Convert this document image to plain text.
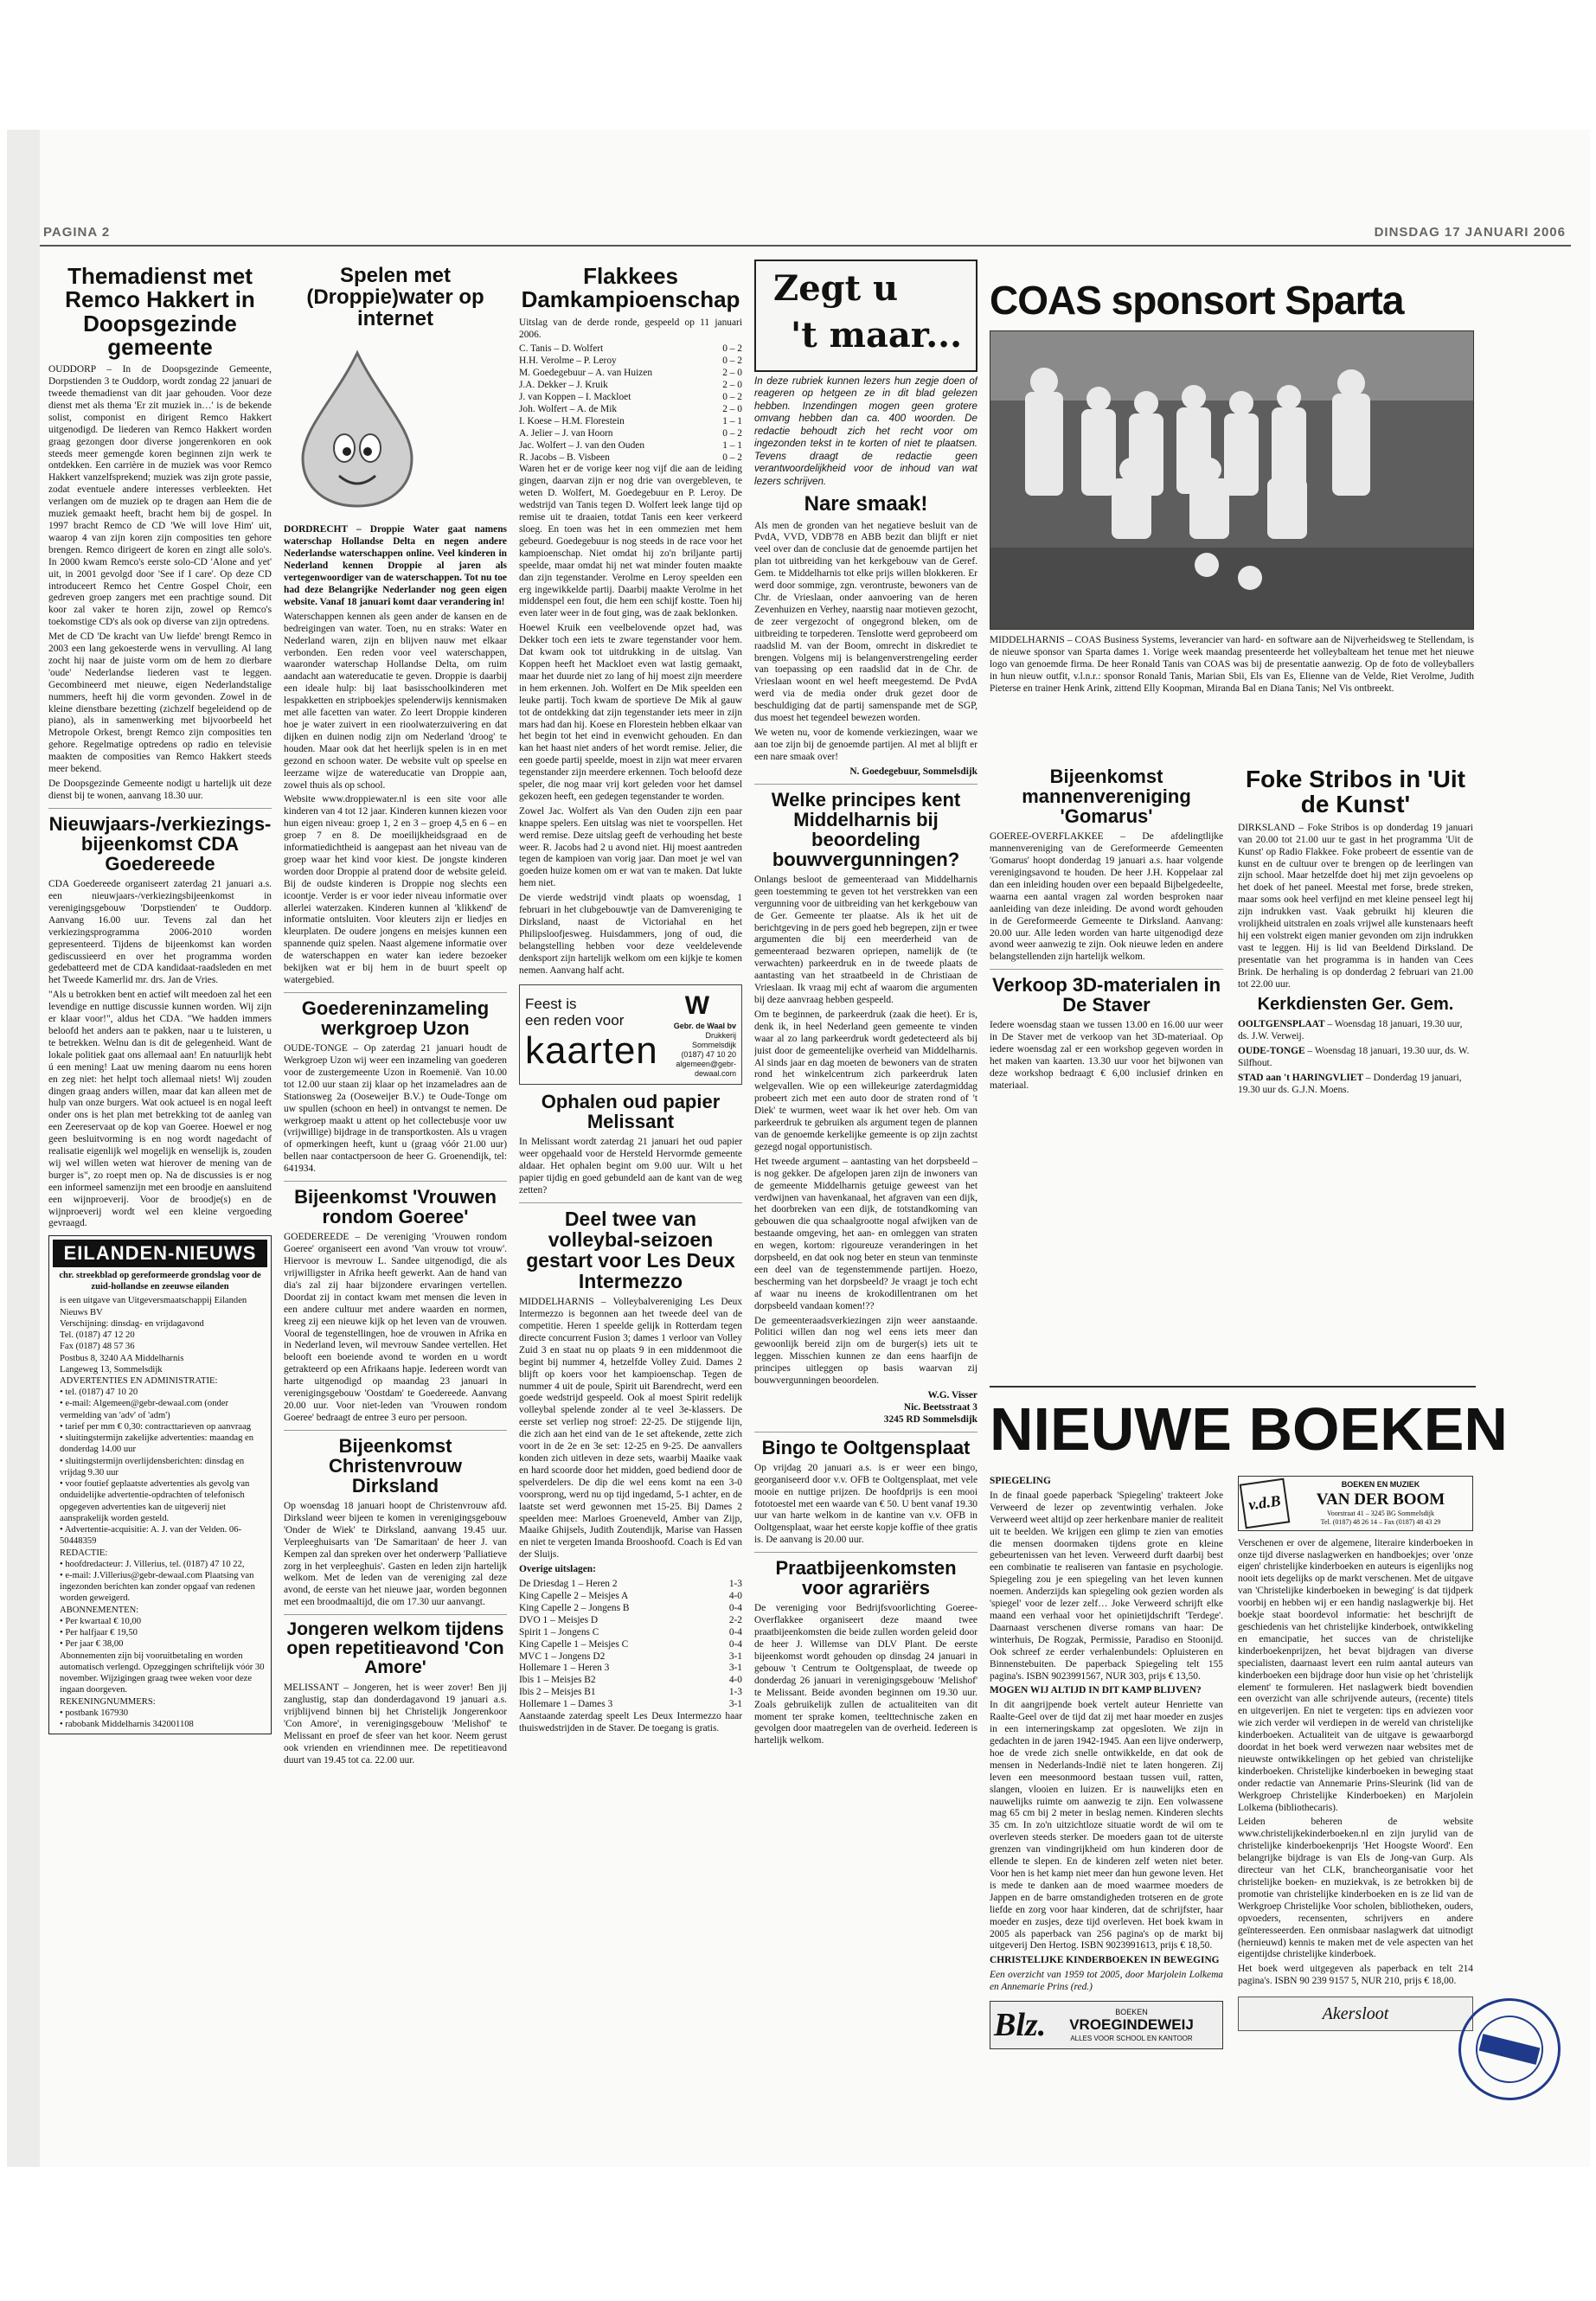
PAGINA 2	DINSDAG 17 JANUARI 2006
Themadienst met Remco Hakkert in Doopsgezinde gemeente

OUDDORP – In de Doopsgezinde Gemeente, Dorpstienden 3 te Ouddorp, wordt zondag 22 januari de tweede themadienst van dit jaar gehouden. Voor deze dienst met als thema 'Er zit muziek in…' is de bekende solist, componist en dirigent Remco Hakkert uitgenodigd. De liederen van Remco Hakkert worden graag gezongen door diverse jongerenkoren en ook steeds meer gemengde koren beginnen zijn werk te ontdekken. Een carrière in de muziek was voor Remco Hakkert vanzelfsprekend; muziek was zijn grote passie, zodat eventuele andere interesses verbleekten. Het verlangen om de muziek op te dragen aan Hem die de muziek gemaakt heeft, bracht hem bij de gospel. In 1997 bracht Remco de CD 'We will love Him' uit, waarop 4 van zijn koren zijn composities ten gehore brengen. Remco dirigeert de koren en zingt alle solo's. In 2000 kwam Remco's eerste solo-CD 'Alone and yet' uit, in 2001 gevolgd door 'See if I care'. Op deze CD introduceert Remco het Centre Gospel Choir, een gedreven groep zangers met een prachtige sound. Dit koor zal vaker te horen zijn, zowel op Remco's toekomstige CD's als ook op diverse van zijn optredens.

Met de CD 'De kracht van Uw liefde' brengt Remco in 2003 een lang gekoesterde wens in vervulling. Al lang zocht hij naar de juiste vorm om de hem zo dierbare 'oude' Nederlandse liederen vast te leggen. Gecombineerd met nieuwe, eigen Nederlandstalige nummers, heeft hij die vorm gevonden. Zowel in de kleine dienstbare bezetting (zichzelf begeleidend op de piano), als in samenwerking met bijvoorbeeld het Metropole Orkest, brengt Remco zijn composities ten gehore. Regelmatige optredens op radio en televisie maakten de composities van Remco Hakkert steeds meer bekend.

De Doopsgezinde Gemeente nodigt u hartelijk uit deze dienst bij te wonen, aanvang 18.30 uur.

Nieuwjaars-/verkiezings-bijeenkomst CDA Goedereede

CDA Goedereede organiseert zaterdag 21 januari a.s. een nieuwjaars-/verkiezingsbijeenkomst in verenigingsgebouw 'Dorpstienden' te Ouddorp. Aanvang 16.00 uur. Tevens zal dan het verkiezingsprogramma 2006-2010 worden gepresenteerd. Tijdens de bijeenkomst kan worden gediscussieerd en over het programma worden gedebatteerd met de CDA kandidaat-raadsleden en met het Tweede Kamerlid mr. drs. Jan de Vries.

"Als u betrokken bent en actief wilt meedoen zal het een levendige en nuttige discussie kunnen worden. Wij zijn er klaar voor!", aldus het CDA. "We hadden immers beloofd het anders aan te pakken, naar u te luisteren, u te betrekken. Welnu dan is dit de gelegenheid. Want de lokale politiek gaat ons allemaal aan! En natuurlijk hebt ú een mening! Laat uw mening daarom nu eens horen en zeg niet: het helpt toch allemaal niets! Wij zouden dingen graag anders willen, maar dat kan alleen met de hulp van onze burgers. Wat ook actueel is en nogal leeft onder ons is het plan met betrekking tot de aanleg van een Zeereservaat op de kop van Goeree. Hoewel er nog geen besluitvorming is en nog wordt nagedacht of realisatie eigenlijk wel mogelijk en wenselijk is, zouden wij wel willen weten wat hierover de mening van de burger is", zo roept men op. Na de discussies is er nog een informeel samenzijn met een broodje en aansluitend een wijnproeverij. Voor de broodje(s) en de wijnproeverij wordt wel een kleine vergoeding gevraagd.

EILANDEN-NIEUWS
chr. streekblad op gereformeerde grondslag voor de zuid-hollandse en zeeuwse eilanden
is een uitgave van Uitgeversmaatschappij Eilanden Nieuws BV
Verschijning: dinsdag- en vrijdagavond
Tel. (0187) 47 12 20
Fax (0187) 48 57 36
Postbus 8, 3240 AA Middelharnis
Langeweg 13, Sommelsdijk
ADVERTENTIES EN ADMINISTRATIE:
• tel. (0187) 47 10 20
• e-mail: Algemeen@gebr-dewaal.com (onder vermelding van 'adv' of 'adm')
• tarief per mm € 0,30: contracttarieven op aanvraag
• sluitingstermijn zakelijke advertenties: maandag en donderdag 14.00 uur
• sluitingstermijn overlijdensberichten: dinsdag en vrijdag 9.30 uur
• voor foutief geplaatste advertenties als gevolg van onduidelijke advertentie-opdrachten of telefonisch opgegeven advertenties kan de uitgeverij niet aansprakelijk worden gesteld.
• Advertentie-acquisitie: A. J. van der Velden. 06-50448359
REDACTIE:
• hoofdredacteur: J. Villerius, tel. (0187) 47 10 22,
• e-mail: J.Villerius@gebr-dewaal.com Plaatsing van ingezonden berichten kan zonder opgaaf van redenen worden geweigerd.
ABONNEMENTEN:
• Per kwartaal € 10,00
• Per halfjaar € 19,50
• Per jaar € 38,00
Abonnementen zijn bij vooruitbetaling en worden automatisch verlengd. Opzeggingen schriftelijk vóór 30 november. Wijzigingen graag twee weken voor deze ingaan doorgeven.
REKENINGNUMMERS:
• postbank 167930
• rabobank Middelharnis 342001108
Spelen met (Droppie)water op internet

DORDRECHT – Droppie Water gaat namens waterschap Hollandse Delta en negen andere Nederlandse waterschappen online. Veel kinderen in Nederland kennen Droppie al jaren als vertegenwoordiger van de waterschappen. Tot nu toe had deze Belangrijke Nederlander nog geen eigen website. Vanaf 18 januari komt daar verandering in!

Waterschappen kennen als geen ander de kansen en de bedreigingen van water. Toen, nu en straks: Water en Nederland waren, zijn en blijven nauw met elkaar verbonden. Een reden voor veel waterschappen, waaronder waterschap Hollandse Delta, om ruim aandacht aan watereducatie te geven. Droppie is daarbij een ideale hulp: bij laat basisschoolkinderen met lespakketten en stripboekjes spelenderwijs kennismaken met alle facetten van water. Zo leert Droppie kinderen hoe je water zuivert in een rioolwaterzuivering en dat dijken en duinen nodig zijn om Nederland 'droog' te houden. Maar ook dat het heerlijk spelen is in en met gezond en schoon water. De website vult op speelse en leerzame wijze de watereducatie van Droppie aan, zowel thuis als op school.

Website www.droppiewater.nl is een site voor alle kinderen van 4 tot 12 jaar. Kinderen kunnen kiezen voor hun eigen niveau: groep 1, 2 en 3 – groep 4,5 en 6 – en groep 7 en 8. De moeilijkheidsgraad en de informatiedichtheid is aangepast aan het niveau van de groep waar het kind voor kiest. De jongste kinderen worden door Droppie al pratend door de website geleid. Bij de oudste kinderen is Droppie nog slechts een icoontje. Verder is er voor ieder niveau informatie over allerlei waterzaken. Kinderen kunnen al 'klikkend' de informatie ontsluiten. Voor kleuters zijn er liedjes en kleurplaten. De oudere jongens en meisjes kunnen een spannende quiz spelen. Naast algemene informatie over de waterschappen en water kan iedere bezoeker bekijken wat er bij hem in de buurt speelt op watergebied.

Goedereninzameling werkgroep Uzon

OUDE-TONGE – Op zaterdag 21 januari houdt de Werkgroep Uzon wij weer een inzameling van goederen voor de zustergemeente Uzon in Roemenië. Van 10.00 tot 12.00 uur staan zij klaar op het inzameladres aan de Stationsweg 2a (Ooseweijer B.V.) te Oude-Tonge om uw spullen (schoon en heel) in ontvangst te nemen. De werkgroep maakt u attent op het collectebusje voor uw (vrijwillige) bijdrage in de transportkosten. Als u vragen of opmerkingen heeft, kunt u (graag vóór 21.00 uur) bellen naar contactpersoon de heer G. Groenendijk, tel: 641934.

Bijeenkomst 'Vrouwen rondom Goeree'

GOEDEREEDE – De vereniging 'Vrouwen rondom Goeree' organiseert een avond 'Van vrouw tot vrouw'. Hiervoor is mevrouw L. Sandee uitgenodigd, die als vrijwilligster in Afrika heeft gewerkt. Aan de hand van dia's zal zij haar bijzondere ervaringen vertellen. Doordat zij in contact kwam met mensen die leven in een andere cultuur met andere waarden en normen, kreeg zij een nieuwe kijk op het leven van de vrouwen. Vooral de tegenstellingen, hoe de vrouwen in Afrika en in Nederland leven, wil mevrouw Sandee vertellen. Het belooft een boeiende avond te worden en u wordt getrakteerd op een Afrikaans hapje. Iedereen wordt van harte uitgenodigd op maandag 23 januari in verenigingsgebouw 'Oostdam' te Goedereede. Aanvang 20.00 uur. Voor niet-leden van 'Vrouwen rondom Goeree' bedraagt de entree 3 euro per persoon.

Bijeenkomst Christenvrouw Dirksland

Op woensdag 18 januari hoopt de Christenvrouw afd. Dirksland weer bijeen te komen in verenigingsgebouw 'Onder de Wiek' te Dirksland, aanvang 19.45 uur. Verpleeghuisarts van 'De Samaritaan' de heer J. van Kempen zal dan spreken over het onderwerp 'Palliatieve zorg in het verpleeghuis'. Gasten en leden zijn hartelijk welkom. Met de leden van de vereniging zal deze avond, de eerste van het nieuwe jaar, worden begonnen met een broodmaaltijd, die om 17.30 uur aanvangt.

Jongeren welkom tijdens open repetitieavond 'Con Amore'

MELISSANT – Jongeren, het is weer zover! Ben jij zanglustig, stap dan donderdagavond 19 januari a.s. vrijblijvend binnen bij het Christelijk Jongerenkoor 'Con Amore', in verenigingsgebouw 'Melishof' te Melissant en proef de sfeer van het koor. Neem gerust ook vrienden en vriendinnen mee. De repetitieavond duurt van 19.45 tot ca. 22.00 uur.

Flakkees Damkampioenschap

Uitslag van de derde ronde, gespeeld op 11 januari 2006.

C. Tanis – D. Wolfert	0 – 2
H.H. Verolme – P. Leroy	0 – 2
M. Goedegebuur – A. van Huizen	2 – 0
J.A. Dekker – J. Kruik	2 – 0
J. van Koppen – I. Mackloet	0 – 2
Joh. Wolfert – A. de Mik	2 – 0
I. Koese – H.M. Florestein	1 – 1
A. Jelier – J. van Hoorn	0 – 2
Jac. Wolfert – J. van den Ouden	1 – 1
R. Jacobs – B. Visbeen	0 – 2

Waren het er de vorige keer nog vijf die aan de leiding gingen, daarvan zijn er nog drie van overgebleven, te weten D. Wolfert, M. Goedegebuur en P. Leroy. De wedstrijd van Tanis tegen D. Wolfert leek lange tijd op remise uit te draaien, totdat Tanis een keer verkeerd sloeg. En toen was het in een ommezien met hem gebeurd. Goedegebuur is nog steeds in de race voor het kampioenschap. Niet omdat hij zo'n briljante partij speelde, maar omdat hij net wat minder fouten maakte dan zijn tegenstander. Verolme en Leroy speelden een erg ingewikkelde partij. Daarbij maakte Verolme in het middenspel een fout, die hem een schijf kostte. Toen hij even later weer in de fout ging, was de zaak beklonken.

Hoewel Kruik een veelbelovende opzet had, was Dekker toch een iets te zware tegenstander voor hem. Dat kwam ook tot uitdrukking in de uitslag. Van Koppen heeft het Mackloet even wat lastig gemaakt, maar het duurde niet zo lang of hij moest zijn meerdere in hem erkennen. Joh. Wolfert en De Mik speelden een leuke partij. Toch kwam de sportieve De Mik al gauw tot de ontdekking dat zijn tegenstander iets meer in zijn mars had dan hij. Koese en Florestein hebben elkaar van het begin tot het eind in evenwicht gehouden. En dan kan het haast niet anders of het wordt remise. Jelier, die een goede partij speelde, moest in zijn wat meer ervaren tegenstander zijn meerdere erkennen. Toch beloofd deze speler, die nog maar vrij kort geleden voor het damsel gekozen heeft, een gedegen tegenstander te worden.

Zowel Jac. Wolfert als Van den Ouden zijn een paar knappe spelers. Een uitslag was niet te voorspellen. Het werd remise. Deze uitslag geeft de verhouding het beste weer. R. Jacobs had 2 u avond niet. Hij moest aantreden tegen de kampioen van vorig jaar. Dan moet je wel van goeden huize komen om er wat van te maken. Dat lukte hem niet.

De vierde wedstrijd vindt plaats op woensdag, 1 februari in het clubgebouwtje van de Damvereniging te Dirksland, naast de Victoriahal en het Philipsloofjesweg. Huisdammers, jong of oud, die belangstelling hebben voor deze veeldelevende denksport zijn hartelijk welkom om een kijkje te komen nemen. Aanvang half acht.

Feest is
een reden voor
kaarten
W
Gebr. de Waal bv
Drukkerij
Sommelsdijk
(0187) 47 10 20
algemeen@gebr-dewaal.com
Ophalen oud papier Melissant

In Melissant wordt zaterdag 21 januari het oud papier weer opgehaald voor de Hersteld Hervormde gemeente aldaar. Het ophalen begint om 9.00 uur. Wilt u het papier tijdig en goed gebundeld aan de kant van de weg zetten?

Deel twee van volleybal-seizoen gestart voor Les Deux Intermezzo

MIDDELHARNIS – Volleybalvereniging Les Deux Intermezzo is begonnen aan het tweede deel van de competitie. Heren 1 speelde gelijk in Rotterdam tegen directe concurrent Fusion 3; dames 1 verloor van Volley Zuid 3 en staat nu op plaats 9 in een middenmoot die begint bij nummer 4, hetzelfde Volley Zuid. Dames 2 blijft op koers voor het kampioenschap. Tegen de nummer 4 uit de poule, Spirit uit Barendrecht, werd een goede wedstrijd gespeeld. Ook al moest Spirit redelijk volleybal spelende zonder al te veel 3e-klassers. De eerste set verliep nog stroef: 22-25. De stijgende lijn, die zich aan het eind van de 1e set aftekende, zette zich voort in de 2e en 3e set: 12-25 en 9-25. De aanvallers konden zich uitleven in deze sets, waarbij Maaike vaak en hard scoorde door het midden, goed bediend door de spelverdelers. De dip die wel eens komt na een 3-0 voorsprong, werd nu op tijd ingedamd, 5-1 achter, en de laatste set werd gewonnen met 15-25. Bij Dames 2 speelden mee: Marloes Groeneveld, Amber van Zijp, Maaike Ghijsels, Judith Zoutendijk, Marise van Hassen en niet te vergeten Imanda Brooshoofd. Coach is Ed van der Sluijs.

Overige uitslagen:

De Driesdag 1 – Heren 2	1-3
King Capelle 2 – Meisjes A	4-0
King Capelle 2 – Jongens B	0-4
DVO 1 – Meisjes D	2-2
Spirit 1 – Jongens C	0-4
King Capelle 1 – Meisjes C	0-4
MVC 1 – Jongens D2	3-1
Hollemare 1 – Heren 3	3-1
Ibis 1 – Meisjes B2	4-0
Ibis 2 – Meisjes B1	1-3
Hollemare 1 – Dames 3	3-1

Aanstaande zaterdag speelt Les Deux Intermezzo haar thuiswedstrijden in de Staver. De toegang is gratis.

Zegt u
't maar...

In deze rubriek kunnen lezers hun zegje doen of reageren op hetgeen ze in dit blad gelezen hebben. Inzendingen mogen geen grotere omvang hebben dan ca. 400 woorden. De redactie behoudt zich het recht voor om ingezonden tekst in te korten of niet te plaatsen. Tevens draagt de redactie geen verantwoordelijkheid voor de inhoud van wat lezers schrijven.

Nare smaak!

Als men de gronden van het negatieve besluit van de PvdA, VVD, VDB'78 en ABB bezit dan blijft er niet veel over dan de conclusie dat de genoemde partijen het plan tot uitbreiding van het kerkgebouw van de Geref. Gem. te Middelharnis tot elke prijs willen blokkeren. Er werd door sommige, zgn. verontruste, bewoners van de Chr. de Vrieslaan, onder aanvoering van de heren Zevenhuizen en Verhey, naarstig naar motieven gezocht, de zeer vergezocht of ongegrond bleken, om de uitbreiding te torpederen. Tenslotte werd geprobeerd om raadslid M. van der Boom, omrecht in diskrediet te brengen. Volgens mij is belangenverstrengeling eerder van toepassing op een raadslid dat in de Chr. de Vrieslaan woont en wel heeft meegestemd. De PvdA werd via de media onder druk gezet door de beschuldiging dat de partij samenspande met de SGP, dus moest het tegendeel bewezen worden.

We weten nu, voor de komende verkiezingen, waar we aan toe zijn bij de genoemde partijen. Al met al blijft er een nare smaak over!

N. Goedegebuur, Sommelsdijk

Welke principes kent Middelharnis bij beoordeling bouwvergunningen?

Onlangs besloot de gemeenteraad van Middelharnis geen toestemming te geven tot het verstrekken van een vergunning voor de uitbreiding van het kerkgebouw van de Ger. Gemeente ter plaatse. Als ik het uit de berichtgeving in de pers goed heb begrepen, zijn er twee argumenten die bij een meerderheid van de gemeenteraad bezwaren opriepen, namelijk de (te verwachten) parkeerdruk en in de tweede plaats de aantasting van het straatbeeld in de Christiaan de Vrieslaan. Ik vraag mij echt af waarom die argumenten bij deze aanvraag hebben gespeeld.

Om te beginnen, de parkeerdruk (zaak die heet). Er is, denk ik, in heel Nederland geen gemeente te vinden waar al zo lang parkeerdruk wordt gedetecteerd als bij juist door de gemeentelijke overheid van Middelharnis. Al sinds jaar en dag moeten de bewoners van de straten rond het winkelcentrum zich parkeerdruk laten welgevallen. Wie op een willekeurige zaterdagmiddag probeert zich met een auto door de straten rond of 't Diek' te wurmen, weet waar ik het over heb. Om van parkeerdruk te gebruiken als argument tegen de plannen van de genoemde kerkelijke gemeente is op zijn zachtst gezegd nogal opportunistisch.

Het tweede argument – aantasting van het dorpsbeeld – is nog gekker. De afgelopen jaren zijn de inwoners van de gemeente Middelharnis getuige geweest van het verdwijnen van havenkanaal, het afgraven van een dijk, het doorbreken van een dijk, de totstandkoming van gebouwen die qua schaalgrootte nogal afwijken van de bestaande omgeving, het aan- en omleggen van straten en wegen, kortom: rigoureuze veranderingen in het dorpsbeeld, en dat ook nog beter en steun van tenminste een deel van de tegenstemmende partijen. Hoezo, bescherming van het dorpsbeeld? Je vraagt je toch echt af waar nu ineens de krokodillentranen om het dorpsbeeld vandaan komen!??

De gemeenteraadsverkiezingen zijn weer aanstaande. Politici willen dan nog wel eens iets meer dan gewoonlijk bereid zijn om de burger(s) iets uit te leggen. Misschien kunnen ze dan eens haarfijn de principes uitleggen op basis waarvan zij bouwvergunningen beoordelen.

W.G. Visser

Nic. Beetsstraat 3

3245 RD Sommelsdijk

Bingo te Ooltgensplaat

Op vrijdag 20 januari a.s. is er weer een bingo, georganiseerd door v.v. OFB te Ooltgensplaat, met vele mooie en nuttige prijzen. De hoofdprijs is een mooi fototoestel met een waarde van € 50. U bent vanaf 19.30 uur van harte welkom in de kantine van v.v. OFB in Ooltgensplaat, waar het eerste kopje koffie of thee gratis is. De aanvang is 20.00 uur.

Praatbijeenkomsten voor agrariërs

De vereniging voor Bedrijfsvoorlichting Goeree-Overflakkee organiseert deze maand twee praatbijeenkomsten die beide zullen worden geleid door de heer J. Willemse van DLV Plant. De eerste bijeenkomst wordt gehouden op dinsdag 24 januari in gebouw 't Centrum te Ooltgensplaat, de tweede op donderdag 26 januari in verenigingsgebouw 'Melishof' te Melissant. Beide avonden beginnen om 19.30 uur. Zoals gebruikelijk zullen de actualiteiten van dit moment ter sprake komen, teelttechnische zaken en gevolgen door maatregelen van de overheid. Iedereen is hartelijk welkom.

COAS sponsort Sparta
MIDDELHARNIS – COAS Business Systems, leverancier van hard- en software aan de Nijverheidsweg te Stellendam, is de nieuwe sponsor van Sparta dames 1. Vorige week maandag presenteerde het volleybalteam het tenue met het nieuwe logo van genoemde firma. De heer Ronald Tanis van COAS was bij de presentatie aanwezig. Op de foto de volleyballers in hun nieuw outfit, v.l.n.r.: sponsor Ronald Tanis, Marian Sbii, Els van Es, Elienne van de Velde, Riet Verolme, Judith Pieterse en trainer Henk Arink, zittend Elly Koopman, Miranda Bal en Diana Tanis; Nel Vis ontbreekt.
Bijeenkomst mannenvereniging 'Gomarus'

GOEREE-OVERFLAKKEE – De afdelingtlijke mannenvereniging van de Gereformeerde Gemeenten 'Gomarus' hoopt donderdag 19 januari a.s. haar volgende verenigingsavond te houden. De heer J.H. Koppelaar zal dan een inleiding houden over een bepaald Bijbelgedeelte, waarna een aantal vragen zal worden besproken naar aanleiding van deze inleiding. De avond wordt gehouden in de Gereformeerde Gemeente te Dirksland. Aanvang: 20.00 uur. Alle leden worden van harte uitgenodigd deze avond weer aanwezig te zijn. Ook nieuwe leden en andere belangstellenden zijn hartelijk welkom.

Verkoop 3D-materialen in De Staver

Iedere woensdag staan we tussen 13.00 en 16.00 uur weer in De Staver met de verkoop van het 3D-materiaal. Op iedere woensdag zal er een workshop gegeven worden in het maken van kaarten. 13.30 uur voor het bijwonen van deze workshop bedraagt € 6,00 inclusief drinken en materiaal.

Foke Stribos in 'Uit de Kunst'

DIRKSLAND – Foke Stribos is op donderdag 19 januari van 20.00 tot 21.00 uur te gast in het programma 'Uit de Kunst' op Radio Flakkee. Foke probeert de essentie van de kunst en de cultuur over te brengen op de leerlingen van zijn school. Maar hetzelfde doet hij met zijn gevoelens op het doek of het paneel. Meestal met forse, brede streken, maar soms ook heel verfijnd en met kleine penseel legt hij zijn indrukken vast. Vaak gebruikt hij kleuren die vrolijkheid uitstralen en zoals vrijwel alle kunstenaars heeft hij een volstrekt eigen manier gevonden om zijn indrukken vast te leggen. Hij is lid van Beeldend Dirksland. De presentatie van het programma is in handen van Cees Brink. De herhaling is op donderdag 2 februari van 21.00 tot 22.00 uur.

Kerkdiensten Ger. Gem.

OOLTGENSPLAAT – Woensdag 18 januari, 19.30 uur, ds. J.W. Verweij.

OUDE-TONGE – Woensdag 18 januari, 19.30 uur, ds. W. Silfhout.

STAD aan 't HARINGVLIET – Donderdag 19 januari, 19.30 uur ds. G.J.N. Moens.

NIEUWE BOEKEN

SPIEGELING

In de finaal goede paperback 'Spiegeling' trakteert Joke Verweerd de lezer op zeventwintig verhalen. Joke Verweerd weet altijd op zeer herkenbare manier de realiteit uit te beelden. We krijgen een glimp te zien van emoties die mensen doormaken tijdens grote en kleine gebeurtenissen van het leven. Verweerd durft daarbij best een combinatie te realiseren van fantasie en psychologie. Spiegeling zou je een spiegeling van het leven kunnen noemen. Anderzijds kan spiegeling ook gezien worden als 'spiegel' voor de lezer zelf… Joke Verweerd schrijft elke maand een verhaal voor het opinietijdschrift 'Terdege'. Daarnaast verschenen diverse romans van haar: De winterhuis, De Rogzak, Permissie, Paradiso en Stoonijd. Ook schreef ze eerder verhalenbundels: Opluisteren en Binnenstebuiten. De paperback Spiegeling telt 155 pagina's. ISBN 9023991567, NUR 303, prijs € 13,50.

MOGEN WIJ ALTIJD IN DIT KAMP BLIJVEN?

In dit aangrijpende boek vertelt auteur Henriette van Raalte-Geel over de tijd dat zij met haar moeder en zusjes in een interneringskamp zat opgesloten. We zijn in gedachten in de jaren 1942-1945. Aan een lijve onderwerp, hoe de vrede zich snelle ontwikkelde, en dat ook de mensen in Nederlands-Indië niet te laten hongeren. Zij leven een meesonmoord bestaan tussen vuil, ratten, slangen, vlooien en luizen. Er is nauwelijks eten en nauwelijks ruimte om aanwezig te zijn. Een volwassene mag 65 cm bij 2 meter in beslag nemen. Kinderen slechts 35 cm. In zo'n uitzichtloze situatie wordt de wil om te overleven steeds sterker. De moeders gaan tot de uiterste grenzen van vindingrijkheid om hun kinderen door de ellende te slepen. En de kinderen zelf weten niet beter. Voor hen is het kamp niet meer dan hun gewone leven. Het is mede te danken aan de moed waarmee moeders de Jappen en de barre omstandigheden trotseren en de grote liefde en zorg voor haar kinderen, dat de schrijfster, haar moeder en zusjes, deze tijd overleven. Het boek kwam in 2005 als paperback van 256 pagina's op de markt bij uitgeverij Den Hertog. ISBN 9023991613, prijs € 18,50.

CHRISTELIJKE KINDERBOEKEN IN BEWEGING

Een overzicht van 1959 tot 2005, door Marjolein Lolkema en Annemarie Prins (red.)

Blz.	BOEKEN
VROEGINDEWEIJ
ALLES VOOR SCHOOL EN KANTOOR
v.d.B
BOEKEN EN MUZIEK
VAN DER BOOM
Voorstraat 41 – 3245 BG Sommelsdijk
Tel. (0187) 48 26 14 – Fax (0187) 48 43 29

Verschenen er over de algemene, literaire kinderboeken in onze tijd diverse naslagwerken en handboekjes; over 'onze eigen' christelijke kinderboeken en auteurs is eigenlijks nog nooit iets degelijks op de markt verschenen. Met de uitgave van 'Christelijke kinderboeken in beweging' is dat tijdperk voorbij en hebben wij er een handig naslagwerkje bij. Het boekje staat boordevol informatie: het beschrijft de geschiedenis van het christelijke kinderboek, ontwikkeling en emancipatie, het succes van de christelijke kinderboekenprijzen, het bevat bijdragen van diverse specialisten, daarnaast levert een ruim aantal auteurs van kinderboeken een bijdrage door hun visie op het 'christelijk element' te formuleren. Het naslagwerk biedt bovendien een overzicht van alle schrijvende auteurs, (recente) titels en uitgeverijen. En niet te vergeten: tips en adviezen voor wie zich verder wil verdiepen in de wereld van christelijke kinderboeken. Actualiteit van de uitgave is gewaarborgd doordat in het boek werd verwezen naar websites met de nieuwste ontwikkelingen op het gebied van christelijke kinderboeken. Christelijke kinderboeken in beweging staat onder redactie van Annemarie Prins-Sleurink (lid van de Werkgroep Christelijke Kinderboeken) en Marjolein Lolkema (bibliothecaris).

Leiden beheren de website www.christelijkekinderboeken.nl en zijn jurylid van de christelijke kinderboekenprijs 'Het Hoogste Woord'. Een belangrijke bijdrage is van Els de Jong-van Gurp. Als directeur van het CLK, brancheorganisatie voor het christelijke boeken- en muziekvak, is ze betrokken bij de promotie van christelijke kinderboeken en is ze lid van de Werkgroep Christelijke Voor scholen, bibliotheken, ouders, opvoeders, recensenten, schrijvers en andere geïnteresseerden. Een onmisbaar naslagwerk dat uitnodigt (hernieuwd) kennis te maken met de vele aspecten van het eigentijdse christelijke kinderboek.

Het boek werd uitgegeven als paperback en telt 214 pagina's. ISBN 90 239 9157 5, NUR 210, prijs € 18,00.

Akersloot
